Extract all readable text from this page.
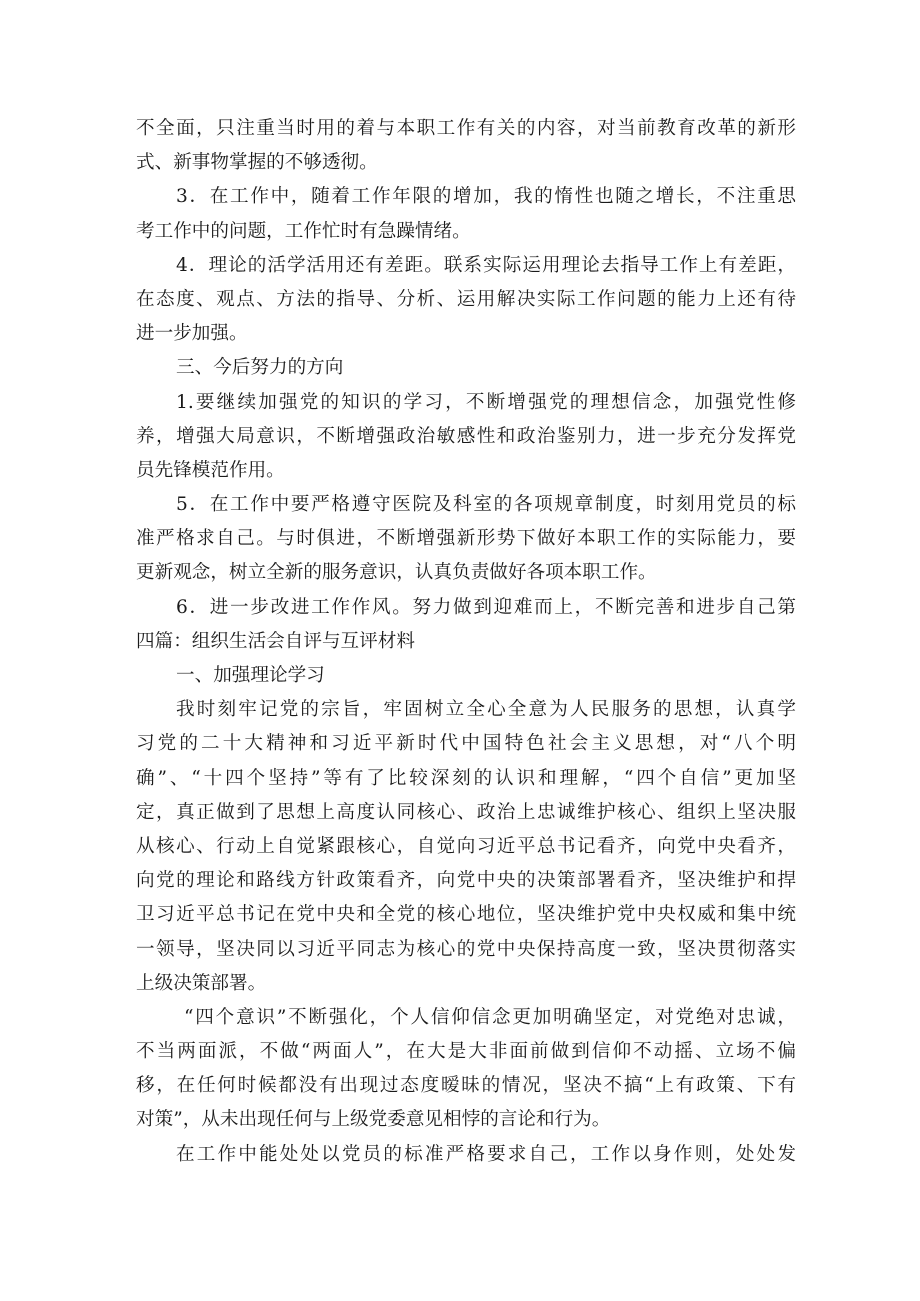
不全面，只注重当时用的着与本职工作有关的内容，对当前教育改革的新形
式、新事物掌握的不够透彻。
3．在工作中，随着工作年限的增加，我的惰性也随之增长，不注重思
考工作中的问题，工作忙时有急躁情绪。
4．理论的活学活用还有差距。联系实际运用理论去指导工作上有差距，
在态度、观点、方法的指导、分析、运用解决实际工作问题的能力上还有待
进一步加强。
三、今后努力的方向
1.要继续加强党的知识的学习，不断增强党的理想信念，加强党性修
养，增强大局意识，不断增强政治敏感性和政治鉴别力，进一步充分发挥党
员先锋模范作用。
5．在工作中要严格遵守医院及科室的各项规章制度，时刻用党员的标
准严格求自己。与时俱进，不断增强新形势下做好本职工作的实际能力，要
更新观念，树立全新的服务意识，认真负责做好各项本职工作。
6．进一步改进工作作风。努力做到迎难而上，不断完善和进步自己第
四篇：组织生活会自评与互评材料
一、加强理论学习
我时刻牢记党的宗旨，牢固树立全心全意为人民服务的思想，认真学
习党的二十大精神和习近平新时代中国特色社会主义思想，对“八个明
确”、“十四个坚持”等有了比较深刻的认识和理解，“四个自信”更加坚
定，真正做到了思想上高度认同核心、政治上忠诚维护核心、组织上坚决服
从核心、行动上自觉紧跟核心，自觉向习近平总书记看齐，向党中央看齐，
向党的理论和路线方针政策看齐，向党中央的决策部署看齐，坚决维护和捍
卫习近平总书记在党中央和全党的核心地位，坚决维护党中央权威和集中统
一领导，坚决同以习近平同志为核心的党中央保持高度一致，坚决贯彻落实
上级决策部署。
“四个意识”不断强化，个人信仰信念更加明确坚定，对党绝对忠诚，
不当两面派，不做“两面人”，在大是大非面前做到信仰不动摇、立场不偏
移，在任何时候都没有出现过态度暧昧的情况，坚决不搞“上有政策、下有
对策”，从未出现任何与上级党委意见相悖的言论和行为。
在工作中能处处以党员的标准严格要求自己，工作以身作则，处处发
